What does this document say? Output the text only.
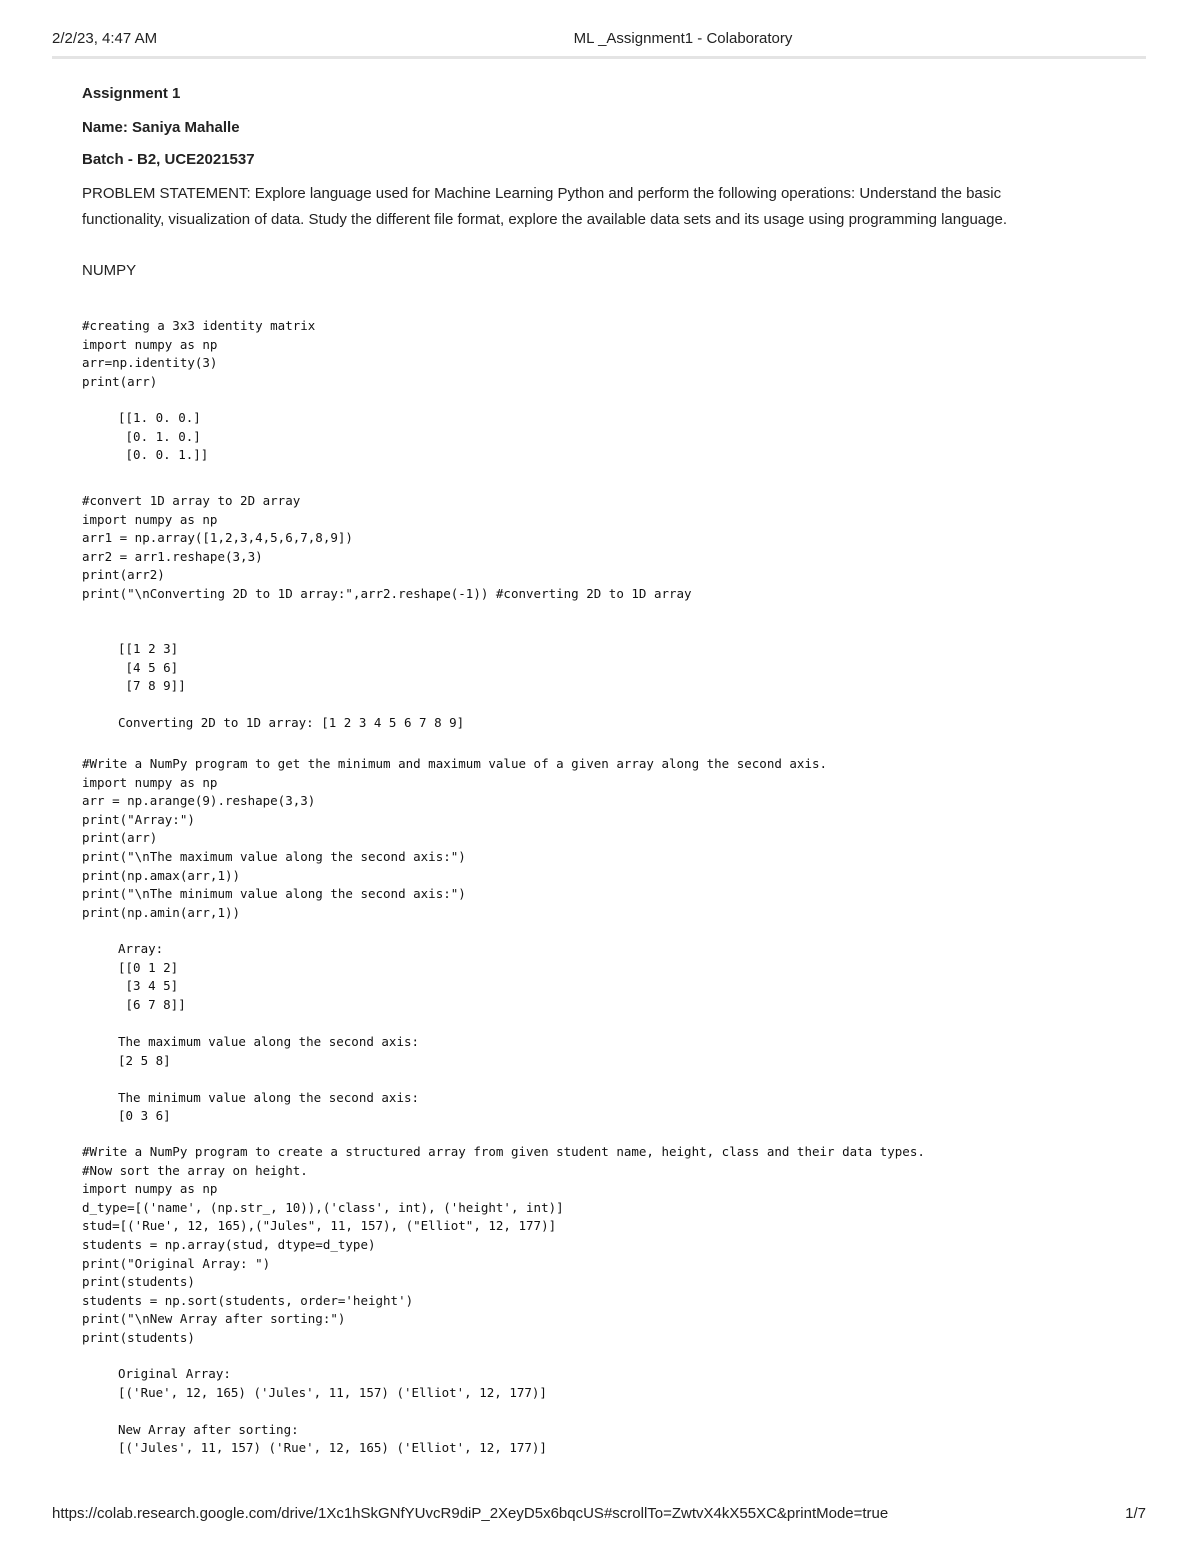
2/2/23, 4:47 AM	ML _Assignment1 - Colaboratory

Assignment 1

Name: Saniya Mahalle

Batch - B2, UCE2021537

PROBLEM STATEMENT: Explore language used for Machine Learning Python and perform the following operations: Understand the basic functionality, visualization of data. Study the different file format, explore the available data sets and its usage using programming language.

NUMPY

#creating a 3x3 identity matrix
import numpy as np
arr=np.identity(3)
print(arr)
[[1. 0. 0.]
[0. 1. 0.]
[0. 0. 1.]]
#convert 1D array to 2D array
import numpy as np
arr1 = np.array([1,2,3,4,5,6,7,8,9])
arr2 = arr1.reshape(3,3)
print(arr2)
print("\nConverting 2D to 1D array:",arr2.reshape(-1)) #converting 2D to 1D array
[[1 2 3]
[4 5 6]
[7 8 9]]

Converting 2D to 1D array: [1 2 3 4 5 6 7 8 9]
#Write a NumPy program to get the minimum and maximum value of a given array along the second axis.
import numpy as np
arr = np.arange(9).reshape(3,3)
print("Array:")
print(arr)
print("\nThe maximum value along the second axis:")
print(np.amax(arr,1))
print("\nThe minimum value along the second axis:")
print(np.amin(arr,1))
Array:
[[0 1 2]
[3 4 5]
[6 7 8]]

The maximum value along the second axis:
[2 5 8]

The minimum value along the second axis:
[0 3 6]
#Write a NumPy program to create a structured array from given student name, height, class and their data types.
#Now sort the array on height.
import numpy as np
d_type=[('name', (np.str_, 10)),('class', int), ('height', int)]
stud=[('Rue', 12, 165),("Jules", 11, 157), ("Elliot", 12, 177)]
students = np.array(stud, dtype=d_type)
print("Original Array: ")
print(students)
students = np.sort(students, order='height')
print("\nNew Array after sorting:")
print(students)
Original Array:
[('Rue', 12, 165) ('Jules', 11, 157) ('Elliot', 12, 177)]

New Array after sorting:
[('Jules', 11, 157) ('Rue', 12, 165) ('Elliot', 12, 177)]
https://colab.research.google.com/drive/1Xc1hSkGNfYUvcR9diP_2XeyD5x6bqcUS#scrollTo=ZwtvX4kX55XC&printMode=true	1/7
